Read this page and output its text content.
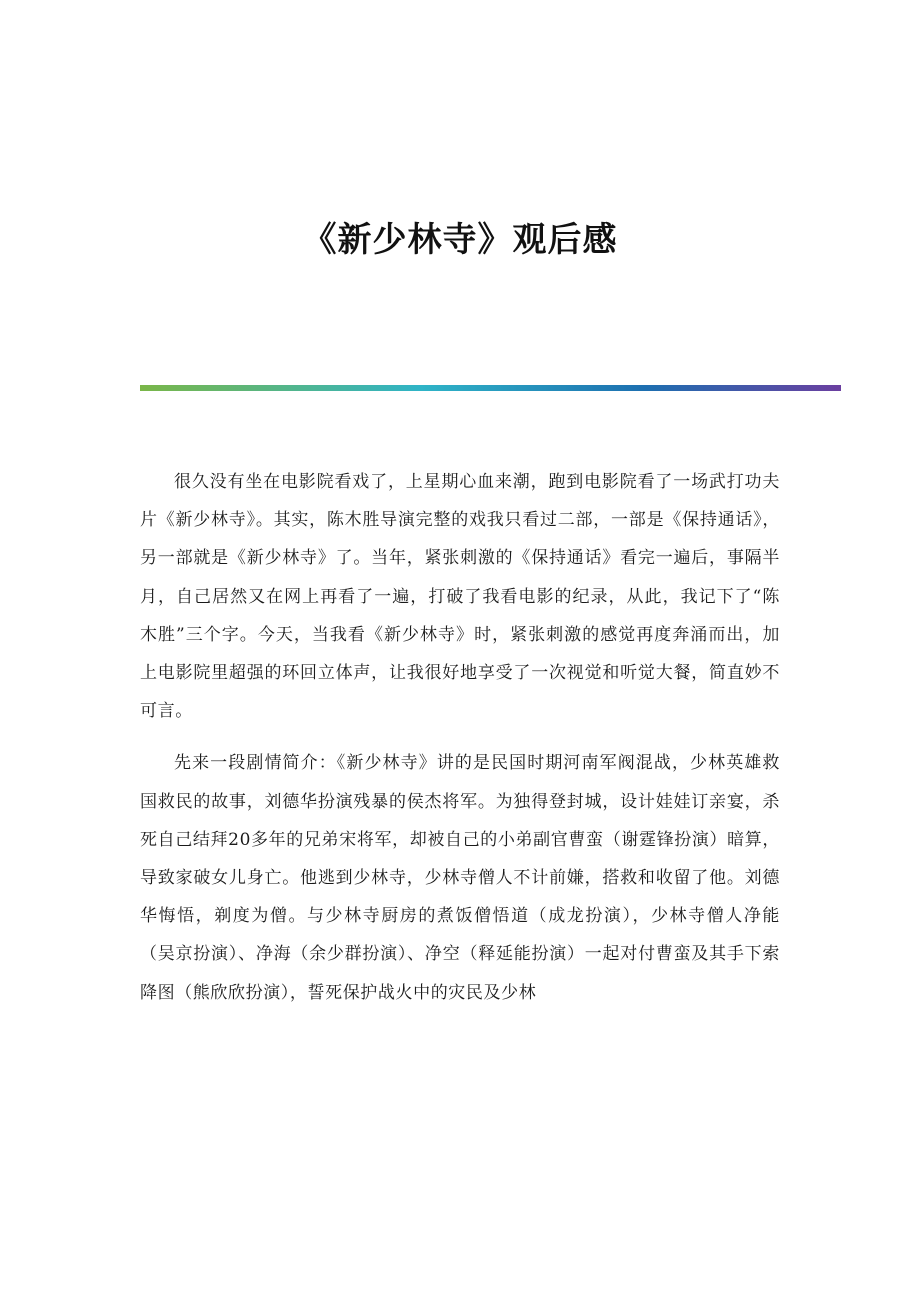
《新少林寺》观后感

很久没有坐在电影院看戏了，上星期心血来潮，跑到电影院看了一场武打功夫片《新少林寺》。其实，陈木胜导演完整的戏我只看过二部，一部是《保持通话》，另一部就是《新少林寺》了。当年，紧张刺激的《保持通话》看完一遍后，事隔半月，自己居然又在网上再看了一遍，打破了我看电影的纪录，从此，我记下了“陈木胜”三个字。今天，当我看《新少林寺》时，紧张刺激的感觉再度奔涌而出，加上电影院里超强的环回立体声，让我很好地享受了一次视觉和听觉大餐，简直妙不可言。

先来一段剧情简介：《新少林寺》讲的是民国时期河南军阀混战，少林英雄救国救民的故事，刘德华扮演残暴的侯杰将军。为独得登封城，设计娃娃订亲宴，杀死自己结拜20多年的兄弟宋将军，却被自己的小弟副官曹蛮（谢霆锋扮演）暗算，导致家破女儿身亡。他逃到少林寺，少林寺僧人不计前嫌，搭救和收留了他。刘德华悔悟，剃度为僧。与少林寺厨房的煮饭僧悟道（成龙扮演），少林寺僧人净能（吴京扮演）、净海（余少群扮演）、净空（释延能扮演）一起对付曹蛮及其手下索降图（熊欣欣扮演），誓死保护战火中的灾民及少林
